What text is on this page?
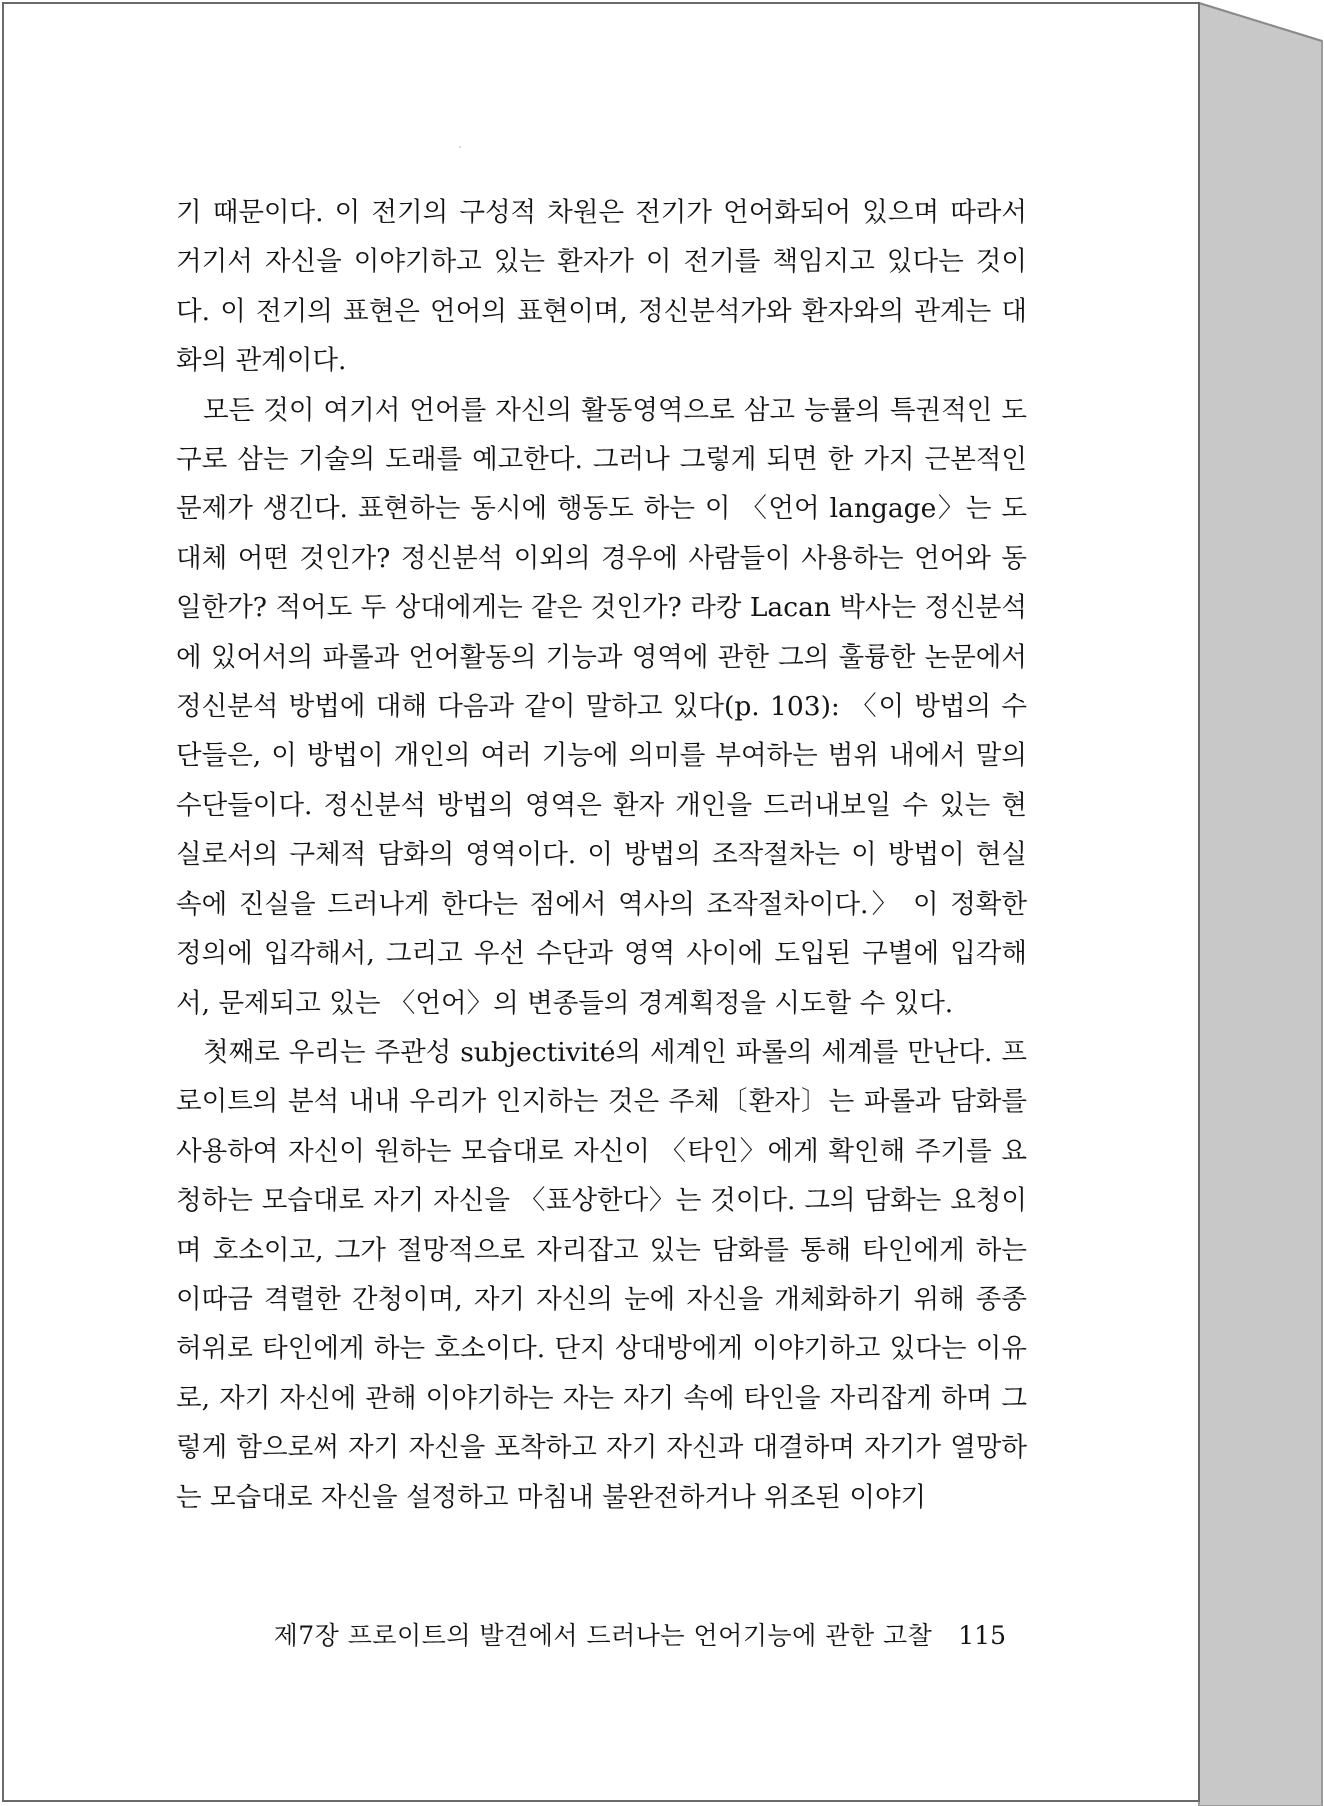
기 때문이다. 이 전기의 구성적 차원은 전기가 언어화되어 있으며 따라서 거기서 자신을 이야기하고 있는 환자가 이 전기를 책임지고 있다는 것이다. 이 전기의 표현은 언어의 표현이며, 정신분석가와 환자와의 관계는 대화의 관계이다.

모든 것이 여기서 언어를 자신의 활동영역으로 삼고 능률의 특권적인 도구로 삼는 기술의 도래를 예고한다. 그러나 그렇게 되면 한 가지 근본적인 문제가 생긴다. 표현하는 동시에 행동도 하는 이 〈언어 langage〉는 도대체 어떤 것인가? 정신분석 이외의 경우에 사람들이 사용하는 언어와 동일한가? 적어도 두 상대에게는 같은 것인가? 라캉 Lacan 박사는 정신분석에 있어서의 파롤과 언어활동의 기능과 영역에 관한 그의 훌륭한 논문에서 정신분석 방법에 대해 다음과 같이 말하고 있다(p. 103): 〈이 방법의 수단들은, 이 방법이 개인의 여러 기능에 의미를 부여하는 범위 내에서 말의 수단들이다. 정신분석 방법의 영역은 환자 개인을 드러내보일 수 있는 현실로서의 구체적 담화의 영역이다. 이 방법의 조작절차는 이 방법이 현실 속에 진실을 드러나게 한다는 점에서 역사의 조작절차이다.〉 이 정확한 정의에 입각해서, 그리고 우선 수단과 영역 사이에 도입된 구별에 입각해서, 문제되고 있는 〈언어〉의 변종들의 경계획정을 시도할 수 있다.

첫째로 우리는 주관성 subjectivité의 세계인 파롤의 세계를 만난다. 프로이트의 분석 내내 우리가 인지하는 것은 주체〔환자〕는 파롤과 담화를 사용하여 자신이 원하는 모습대로 자신이 〈타인〉에게 확인해 주기를 요청하는 모습대로 자기 자신을 〈표상한다〉는 것이다. 그의 담화는 요청이며 호소이고, 그가 절망적으로 자리잡고 있는 담화를 통해 타인에게 하는 이따금 격렬한 간청이며, 자기 자신의 눈에 자신을 개체화하기 위해 종종 허위로 타인에게 하는 호소이다. 단지 상대방에게 이야기하고 있다는 이유로, 자기 자신에 관해 이야기하는 자는 자기 속에 타인을 자리잡게 하며 그렇게 함으로써 자기 자신을 포착하고 자기 자신과 대결하며 자기가 열망하는 모습대로 자신을 설정하고 마침내 불완전하거나 위조된 이야기

제7장 프로이트의 발견에서 드러나는 언어기능에 관한 고찰 115
